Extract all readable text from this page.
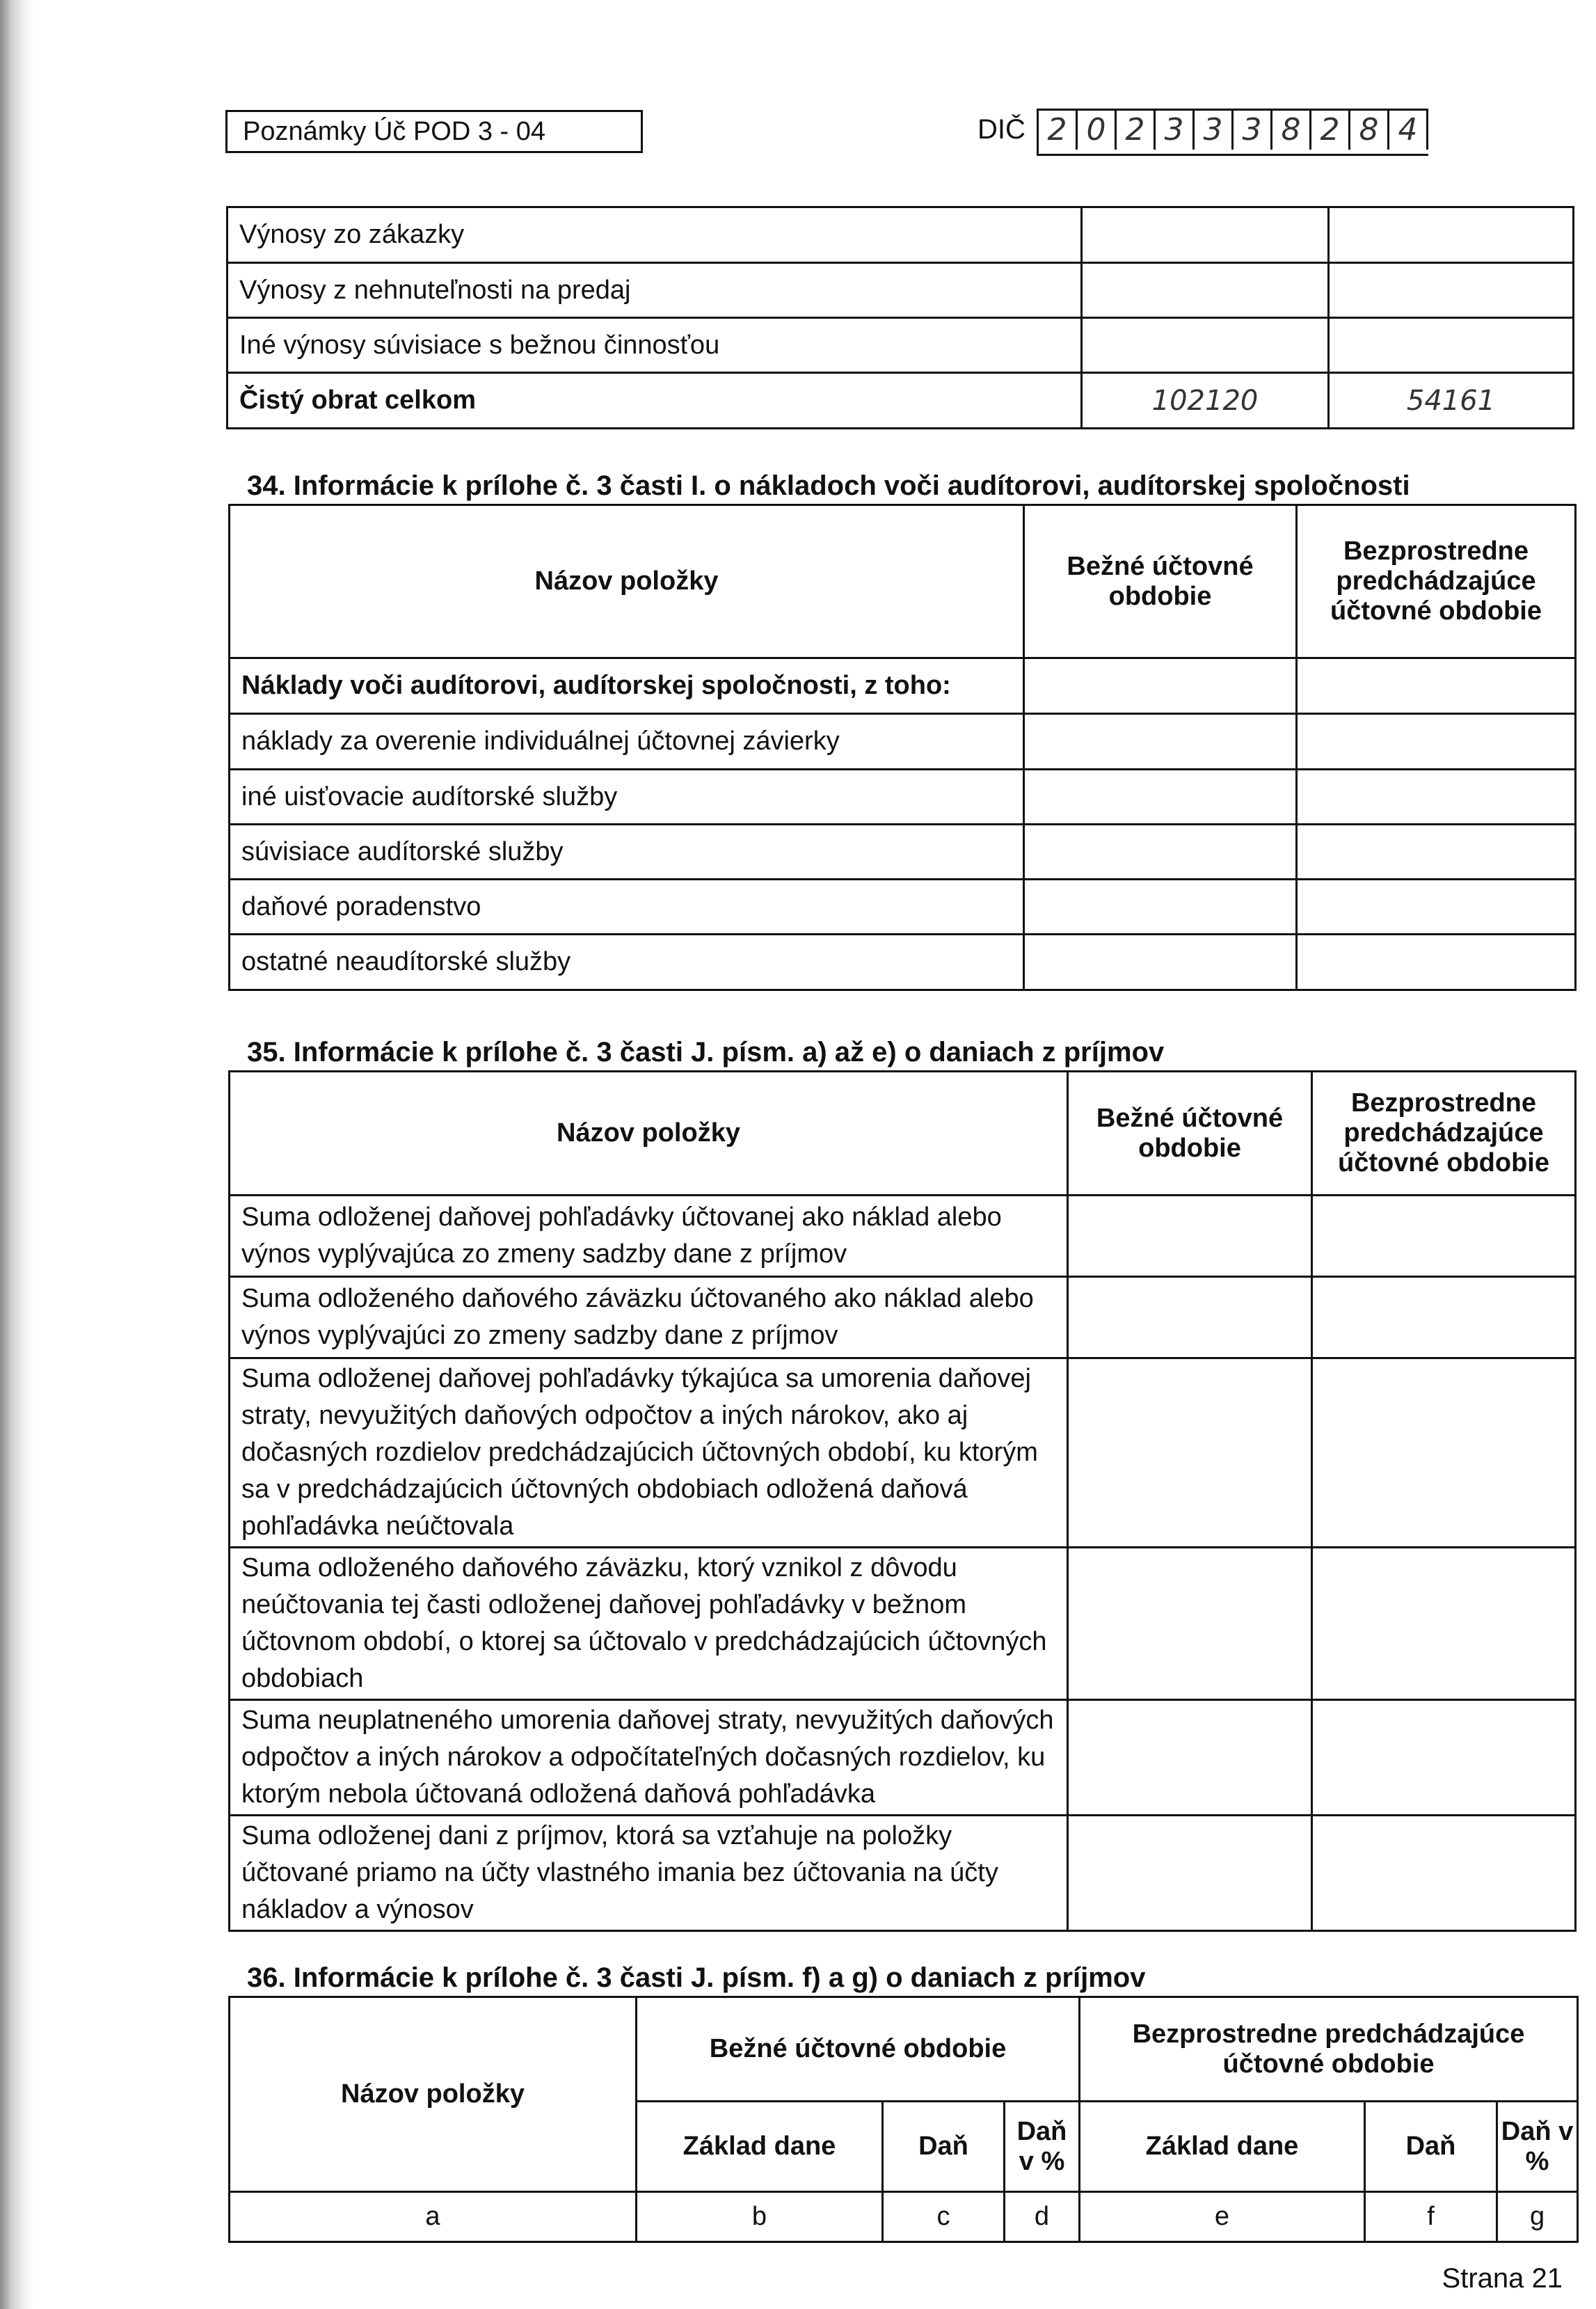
Poznámky Úč POD 3 - 04	DIČ 2 0 2 3 3 3 8 2 8 4
Výnosy zo zákazky		
Výnosy z nehnuteľnosti na predaj		
Iné výnosy súvisiace s bežnou činnosťou		
Čistý obrat celkom	102120	54161
34. Informácie k prílohe č. 3 časti I. o nákladoch voči audítorovi, audítorskej spoločnosti
Názov položky	Bežné účtovné obdobie	Bezprostredne predchádzajúce účtovné obdobie
Náklady voči audítorovi, audítorskej spoločnosti, z toho:		
náklady za overenie individuálnej účtovnej závierky		
iné uisťovacie audítorské služby		
súvisiace audítorské služby		
daňové poradenstvo		
ostatné neaudítorské služby		
35. Informácie k prílohe č. 3 časti J. písm. a) až e) o daniach z príjmov
Názov položky	Bežné účtovné obdobie	Bezprostredne predchádzajúce účtovné obdobie
Suma odloženej daňovej pohľadávky účtovanej ako náklad alebo výnos vyplývajúca zo zmeny sadzby dane z príjmov		
Suma odloženého daňového záväzku účtovaného ako náklad alebo výnos vyplývajúci zo zmeny sadzby dane z príjmov		
Suma odloženej daňovej pohľadávky týkajúca sa umorenia daňovej straty, nevyužitých daňových odpočtov a iných nárokov, ako aj dočasných rozdielov predchádzajúcich účtovných období, ku ktorým sa v predchádzajúcich účtovných obdobiach odložená daňová pohľadávka neúčtovala		
Suma odloženého daňového záväzku, ktorý vznikol z dôvodu neúčtovania tej časti odloženej daňovej pohľadávky v bežnom účtovnom období, o ktorej sa účtovalo v predchádzajúcich účtovných obdobiach		
Suma neuplatneného umorenia daňovej straty, nevyužitých daňových odpočtov a iných nárokov a odpočítateľných dočasných rozdielov, ku ktorým nebola účtovaná odložená daňová pohľadávka		
Suma odloženej dani z príjmov, ktorá sa vzťahuje na položky účtované priamo na účty vlastného imania bez účtovania na účty nákladov a výnosov		
36. Informácie k prílohe č. 3 časti J. písm. f) a g) o daniach z príjmov
Názov položky	Bežné účtovné obdobie			Bezprostredne predchádzajúce účtovné obdobie		
	Základ dane	Daň	Daň v %	Základ dane	Daň	Daň v %
a	b	c	d	e	f	g
Strana 21
